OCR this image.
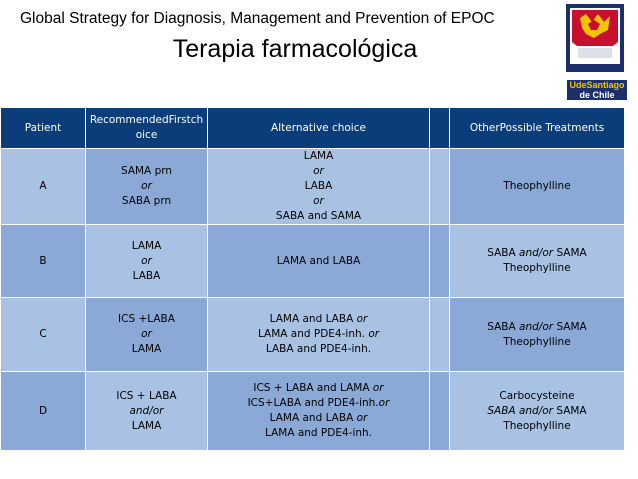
Global Strategy for Diagnosis, Management and Prevention of EPOC
Terapia farmacológica
UdeSantiago
de Chile
Patient	RecommendedFirstchoice	Alternative choice		OtherPossible Treatments
A	SAMA prn
or
SABA prn	LAMA
or
LABA
or
SABA and SAMA		Theophylline

B	LAMA
or
LABA	LAMA and LABA		SABA and/or SAMA
Theophylline

C	ICS +LABA
or
LAMA	LAMA and LABA or
LAMA and PDE4-inh. or
LABA and PDE4-inh.		SABA and/or SAMA
Theophylline

D	ICS + LABA
and/or
LAMA	ICS + LABA and LAMA or
ICS+LABA and PDE4-inh.or
LAMA and LABA or
LAMA and PDE4-inh.		Carbocysteine
SABA and/or SAMA
Theophylline
